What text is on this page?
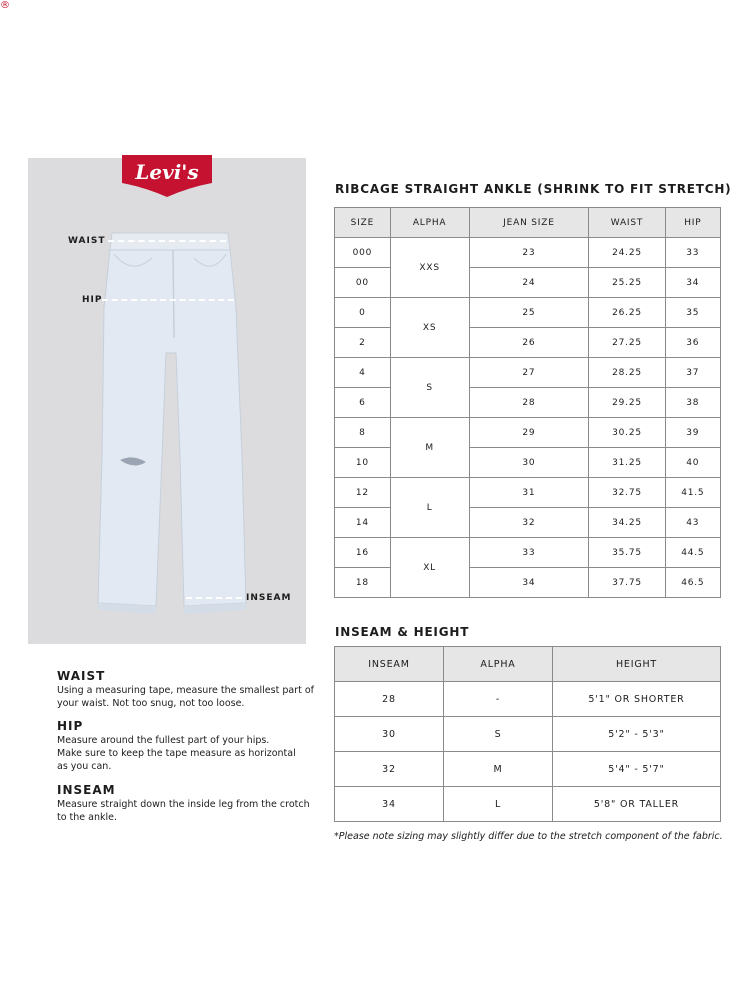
Levi's
®
WAIST
HIP
INSEAM
WAIST
Using a measuring tape, measure the smallest part of your waist. Not too snug, not too loose.
HIP
Measure around the fullest part of your hips.
Make sure to keep the tape measure as horizontal as you can.
INSEAM
Measure straight down the inside leg from the crotch to the ankle.
RIBCAGE STRAIGHT ANKLE (SHRINK TO FIT STRETCH)
SIZE	ALPHA	JEAN SIZE	WAIST	HIP
000	XXS	23	24.25	33
00		24	25.25	34
0	XS	25	26.25	35
2		26	27.25	36
4	S	27	28.25	37
6		28	29.25	38
8	M	29	30.25	39
10		30	31.25	40
12	L	31	32.75	41.5
14		32	34.25	43
16	XL	33	35.75	44.5
18		34	37.75	46.5
INSEAM & HEIGHT
INSEAM	ALPHA	HEIGHT
28	-	5'1" OR SHORTER
30	S	5'2" - 5'3"
32	M	5'4" - 5'7"
34	L	5'8" OR TALLER
*Please note sizing may slightly differ due to the stretch component of the fabric.
